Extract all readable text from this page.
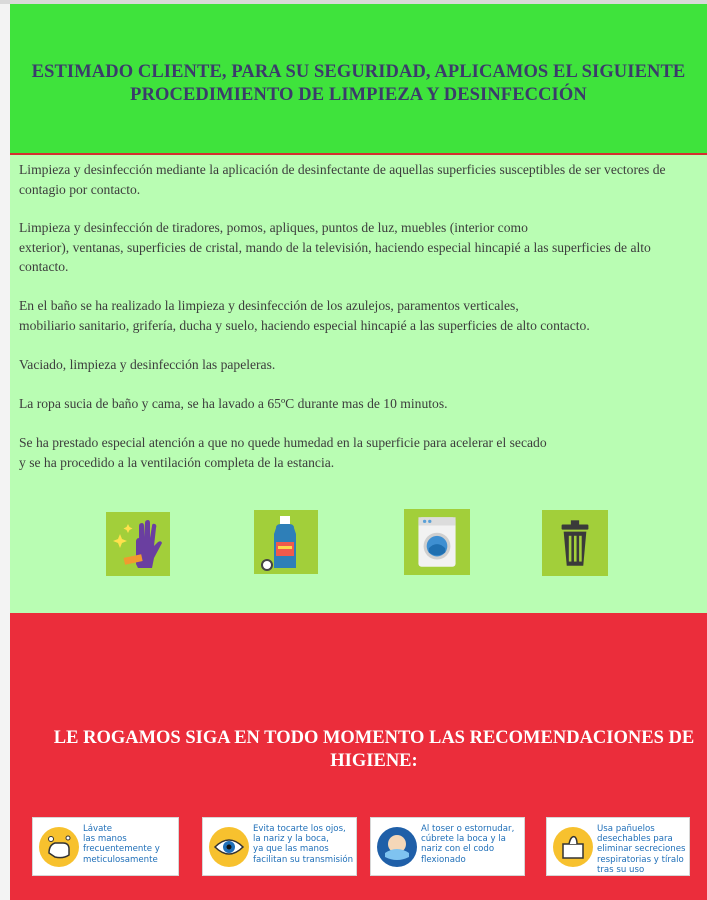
ESTIMADO CLIENTE, PARA SU SEGURIDAD, APLICAMOS EL SIGUIENTE PROCEDIMIENTO DE LIMPIEZA Y DESINFECCIÓN
Limpieza y desinfección mediante la aplicación de desinfectante de aquellas superficies susceptibles de ser vectores de
contagio por contacto.
Limpieza y desinfección de tiradores, pomos, apliques, puntos de luz, muebles (interior como
exterior), ventanas, superficies de cristal, mando de la televisión, haciendo especial hincapié a las superficies de alto
contacto.
En el baño se ha realizado la limpieza y desinfección de los azulejos, paramentos verticales,
mobiliario sanitario, grifería, ducha y suelo, haciendo especial hincapié a las superficies de alto contacto.
Vaciado, limpieza y desinfección las papeleras.
La ropa sucia de baño y cama, se ha lavado a 65ºC durante mas de 10 minutos.
Se ha prestado especial atención a que no quede humedad en la superficie para acelerar el secado
y se ha procedido a la ventilación completa de la estancia.
LE ROGAMOS SIGA EN TODO MOMENTO LAS RECOMENDACIONES DE HIGIENE:
Lávate
las manos
frecuentemente y
meticulosamente
Evita tocarte los ojos,
la nariz y la boca,
ya que las manos
facilitan su transmisión
Al toser o estornudar,
cúbrete la boca y la
nariz con el codo
flexionado
Usa pañuelos
desechables para
eliminar secreciones
respiratorias y tíralo
tras su uso
